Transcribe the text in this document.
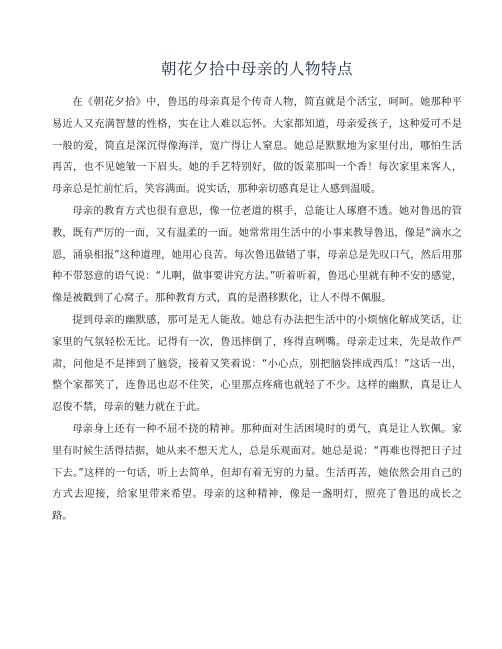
朝花夕拾中母亲的人物特点

在《朝花夕拾》中，鲁迅的母亲真是个传奇人物，简直就是个活宝，呵呵。她那种平易近人又充满智慧的性格，实在让人难以忘怀。大家都知道，母亲爱孩子，这种爱可不是一般的爱，简直是深沉得像海洋，宽广得让人窒息。她总是默默地为家里付出，哪怕生活再苦，也不见她皱一下眉头。她的手艺特别好，做的饭菜那叫一个香！每次家里来客人，母亲总是忙前忙后，笑容满面。说实话，那种亲切感真是让人感到温暖。

母亲的教育方式也很有意思，像一位老道的棋手，总能让人琢磨不透。她对鲁迅的管教，既有严厉的一面，又有温柔的一面。她常常用生活中的小事来教导鲁迅，像是“滴水之恩，涌泉相报”这种道理，她用心良苦。每次鲁迅做错了事，母亲总是先叹口气，然后用那种不带怒意的语气说：“儿啊，做事要讲究方法。”听着听着，鲁迅心里就有种不安的感觉，像是被戳到了心窝子。那种教育方式，真的是潜移默化，让人不得不佩服。

提到母亲的幽默感，那可是无人能敌。她总有办法把生活中的小烦恼化解成笑话，让家里的气氛轻松无比。记得有一次，鲁迅摔倒了，疼得直咧嘴。母亲走过来，先是故作严肃，问他是不是摔到了脑袋，接着又笑着说：“小心点，别把脑袋摔成西瓜！”这话一出，整个家都笑了，连鲁迅也忍不住笑，心里那点疼痛也就轻了不少。这样的幽默，真是让人忍俊不禁，母亲的魅力就在于此。

母亲身上还有一种不屈不挠的精神。那种面对生活困境时的勇气，真是让人钦佩。家里有时候生活得拮据，她从来不想天尤人，总是乐观面对。她总是说：“再难也得把日子过下去。”这样的一句话，听上去简单，但却有着无穷的力量。生活再苦，她依然会用自己的方式去迎接，给家里带来希望。母亲的这种精神，像是一盏明灯，照亮了鲁迅的成长之路。
